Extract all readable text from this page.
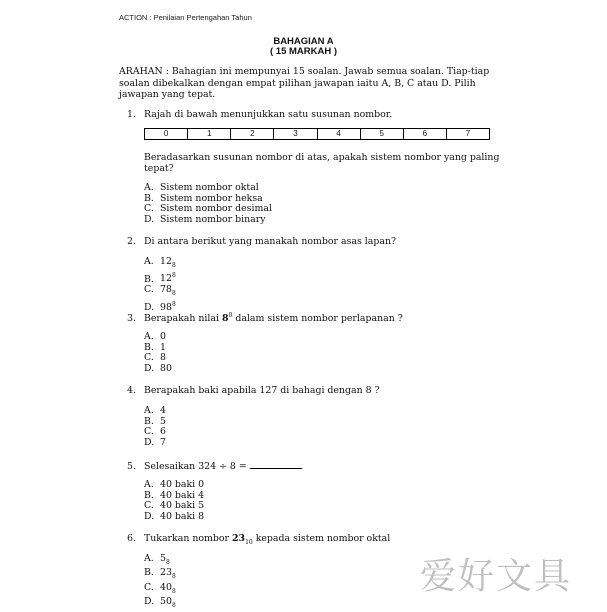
ACTION : Penilaian Pertengahan Tahun
BAHAGIAN A
( 15 MARKAH )
ARAHAN : Bahagian ini mempunyai 15 soalan. Jawab semua soalan. Tiap-tiap soalan dibekalkan dengan empat pilihan jawapan iaitu A, B, C atau D. Pilih jawapan yang tepat.
1. Rajah di bawah menunjukkan satu susunan nombor.
0	1	2	3	4	5	6	7
Beradasarkan susunan nombor di atas, apakah sistem nombor yang paling tepat?
A. Sistem nombor oktal
B. Sistem nombor heksa
C. Sistem nombor desimal
D. Sistem nombor binary
2. Di antara berikut yang manakah nombor asas lapan?
A. $12_8$
B. $12^8$
C. $78_8$
D. $98^8$
3. Berapakah nilai $8^0$ dalam sistem nombor perlapanan ?
A. 0
B. 1
C. 8
D. 80
4. Berapakah baki apabila 127 di bahagi dengan 8 ?
A. 4
B. 5
C. 6
D. 7
5. Selesaikan 324 ÷ 8 =
A. 40 baki 0
B. 40 baki 4
C. 40 baki 5
D. 40 baki 8
6. Tukarkan nombor $23_{10}$ kepada sistem nombor oktal
A. $5_8$
B. $23_8$
C. $40_8$
D. $50_8$
爱好文具
